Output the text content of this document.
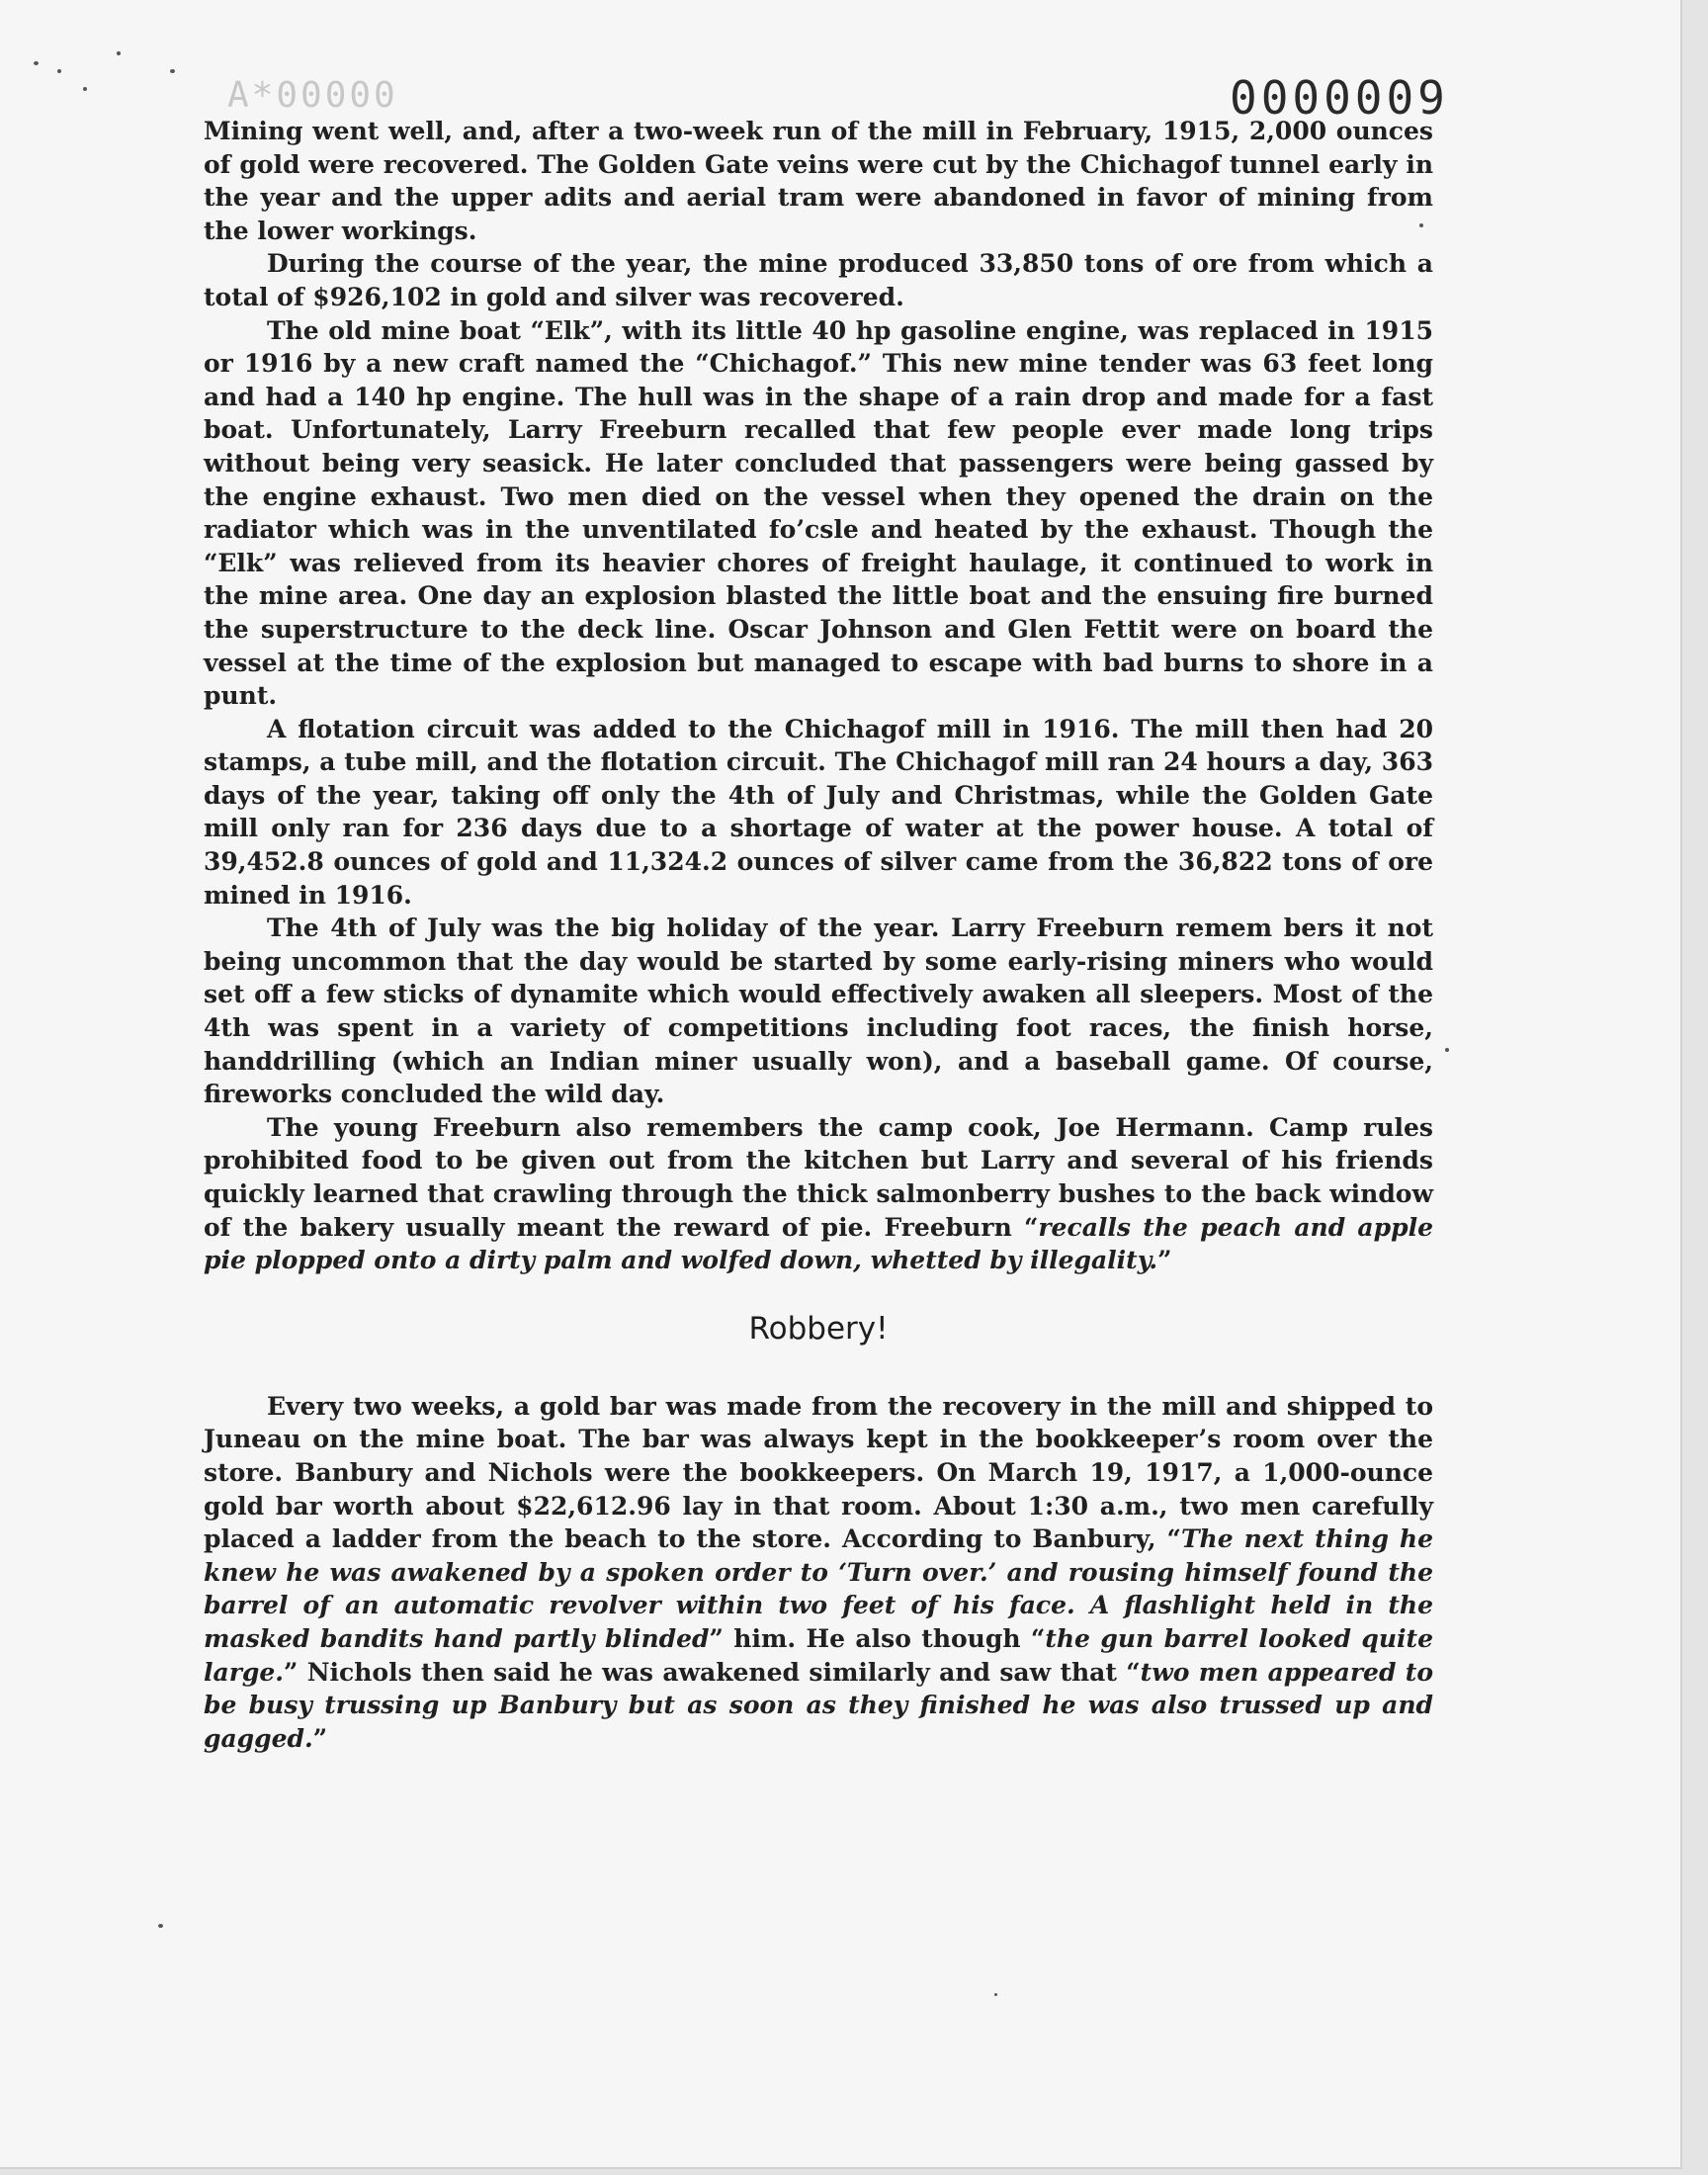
A*00000	0000009

Mining went well, and, after a two-week run of the mill in February, 1915, 2,000 ounces of gold were recovered. The Golden Gate veins were cut by the Chichagof tunnel early in the year and the upper adits and aerial tram were abandoned in favor of mining from the lower workings.

During the course of the year, the mine produced 33,850 tons of ore from which a total of $926,102 in gold and silver was recovered.

The old mine boat “Elk”, with its little 40 hp gasoline engine, was replaced in 1915 or 1916 by a new craft named the “Chichagof.” This new mine tender was 63 feet long and had a 140 hp engine. The hull was in the shape of a rain drop and made for a fast boat. Unfortunately, Larry Freeburn recalled that few people ever made long trips without being very seasick. He later concluded that passengers were being gassed by the engine exhaust. Two men died on the vessel when they opened the drain on the radiator which was in the unventilated fo’csle and heated by the exhaust. Though the “Elk” was relieved from its heavier chores of freight haulage, it continued to work in the mine area. One day an explosion blasted the little boat and the ensuing fire burned the superstructure to the deck line. Oscar Johnson and Glen Fettit were on board the vessel at the time of the explosion but managed to escape with bad burns to shore in a punt.

A flotation circuit was added to the Chichagof mill in 1916. The mill then had 20 stamps, a tube mill, and the flotation circuit. The Chichagof mill ran 24 hours a day, 363 days of the year, taking off only the 4th of July and Christmas, while the Golden Gate mill only ran for 236 days due to a shortage of water at the power house. A total of 39,452.8 ounces of gold and 11,324.2 ounces of silver came from the 36,822 tons of ore mined in 1916.

The 4th of July was the big holiday of the year. Larry Freeburn remem bers it not being uncommon that the day would be started by some early-rising miners who would set off a few sticks of dynamite which would effectively awaken all sleepers. Most of the 4th was spent in a variety of competitions including foot races, the finish horse, handdrilling (which an Indian miner usually won), and a baseball game. Of course, fireworks concluded the wild day.

The young Freeburn also remembers the camp cook, Joe Hermann. Camp rules prohibited food to be given out from the kitchen but Larry and several of his friends quickly learned that crawling through the thick salmonberry bushes to the back window of the bakery usually meant the reward of pie. Freeburn “recalls the peach and apple pie plopped onto a dirty palm and wolfed down, whetted by illegality.”

Robbery!

Every two weeks, a gold bar was made from the recovery in the mill and shipped to Juneau on the mine boat. The bar was always kept in the bookkeeper’s room over the store. Banbury and Nichols were the bookkeepers. On March 19, 1917, a 1,000-ounce gold bar worth about $22,612.96 lay in that room. About 1:30 a.m., two men carefully placed a ladder from the beach to the store. According to Banbury, “The next thing he knew he was awakened by a spoken order to ‘Turn over.’ and rousing himself found the barrel of an automatic revolver within two feet of his face. A flashlight held in the masked bandits hand partly blinded” him. He also though “the gun barrel looked quite large.” Nichols then said he was awakened similarly and saw that “two men appeared to be busy trussing up Banbury but as soon as they finished he was also trussed up and gagged.”
